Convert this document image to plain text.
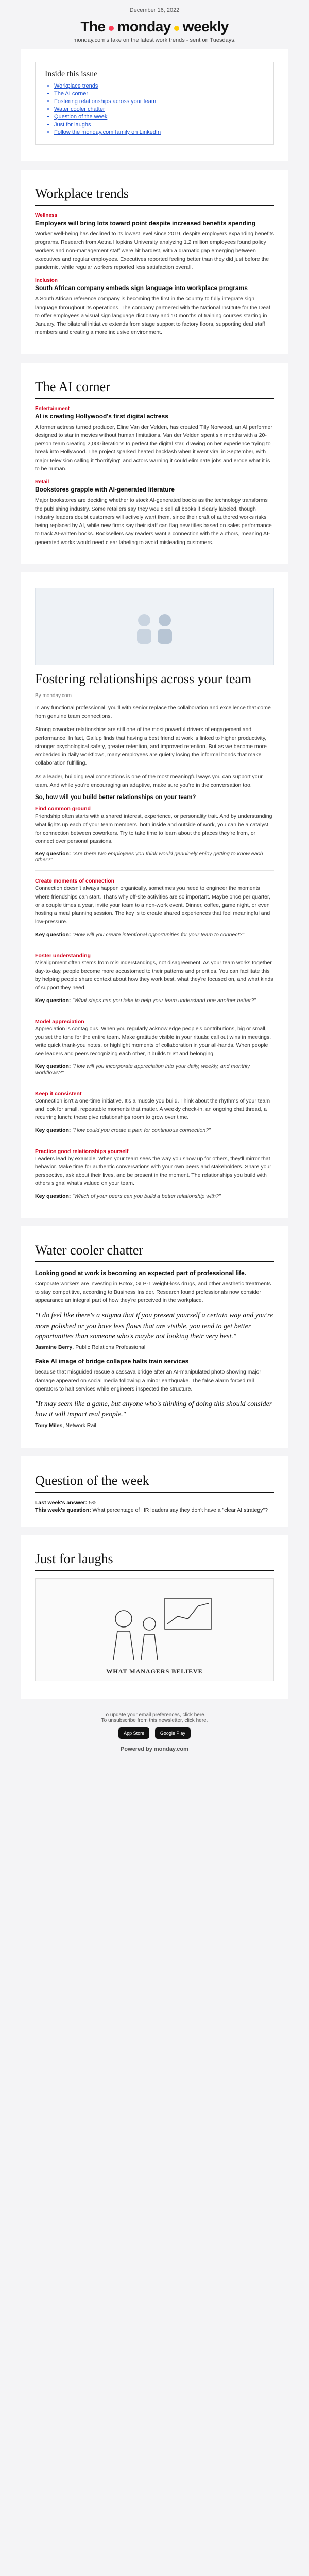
December 16, 2022
The monday weekly
monday.com's take on the latest work trends - sent on Tuesdays.
Inside this issue
• Workplace trends
• The AI corner
• Fostering relationships across your team
• Water cooler chatter
• Question of the week
• Just for laughs
• Follow the monday.com family on LinkedIn
Workplace trends
Wellness
Employers will bring lots toward point despite increased benefits spending

Worker well-being has declined to its lowest level since 2019, despite employers expanding benefits programs. Research from Aetna Hopkins University analyzing 1.2 million employees found policy workers and non-management staff were hit hardest, with a dramatic gap emerging between executives and regular employees. Executives reported feeling better than they did just before the pandemic, while regular workers reported less satisfaction overall.

Inclusion
South African company embeds sign language into workplace programs

A South African reference company is becoming the first in the country to fully integrate sign language throughout its operations. The company partnered with the National Institute for the Deaf to offer employees a visual sign language dictionary and 10 months of training courses starting in January. The bilateral initiative extends from stage support to factory floors, supporting deaf staff members and creating a more inclusive environment.

The AI corner
Entertainment
AI is creating Hollywood's first digital actress

A former actress turned producer, Eline Van der Velden, has created Tilly Norwood, an AI performer designed to star in movies without human limitations. Van der Velden spent six months with a 20-person team creating 2,000 iterations to perfect the digital star, drawing on her experience trying to break into Hollywood. The project sparked heated backlash when it went viral in September, with major television calling it "horrifying" and actors warning it could eliminate jobs and erode what it is to be human.

Retail
Bookstores grapple with AI-generated literature

Major bookstores are deciding whether to stock AI-generated books as the technology transforms the publishing industry. Some retailers say they would sell all books if clearly labeled, though industry leaders doubt customers will actively want them, since their craft of authored works risks being replaced by AI, while new firms say their staff can flag new titles based on sales performance to track AI-written books. Booksellers say readers want a connection with the authors, meaning AI-generated works would need clear labeling to avoid misleading customers.

Fostering relationships across your team
By monday.com

In any functional professional, you'll with senior replace the collaboration and excellence that come from genuine team connections.

Strong coworker relationships are still one of the most powerful drivers of engagement and performance. In fact, Gallup finds that having a best friend at work is linked to higher productivity, stronger psychological safety, greater retention, and improved retention. But as we become more embedded in daily workflows, many employees are quietly losing the informal bonds that make collaboration fulfilling.

As a leader, building real connections is one of the most meaningful ways you can support your team. And while you're encouraging an adaptive, make sure you're in the conversation too.

So, how will you build better relationships on your team?
Find common ground

Friendship often starts with a shared interest, experience, or personality trait. And by understanding what lights up each of your team members, both inside and outside of work, you can be a catalyst for connection between coworkers. Try to take time to learn about the places they're from, or connect over personal passions.

Key question: "Are there two employees you think would genuinely enjoy getting to know each other?"
Create moments of connection

Connection doesn't always happen organically, sometimes you need to engineer the moments where friendships can start. That's why off-site activities are so important. Maybe once per quarter, or a couple times a year, invite your team to a non-work event. Dinner, coffee, game night, or even hosting a meal planning session. The key is to create shared experiences that feel meaningful and low-pressure.

Key question: "How will you create intentional opportunities for your team to connect?"
Foster understanding

Misalignment often stems from misunderstandings, not disagreement. As your team works together day-to-day, people become more accustomed to their patterns and priorities. You can facilitate this by helping people share context about how they work best, what they're focused on, and what kinds of support they need.

Key question: "What steps can you take to help your team understand one another better?"
Model appreciation

Appreciation is contagious. When you regularly acknowledge people's contributions, big or small, you set the tone for the entire team. Make gratitude visible in your rituals: call out wins in meetings, write quick thank-you notes, or highlight moments of collaboration in your all-hands. When people see leaders and peers recognizing each other, it builds trust and belonging.

Key question: "How will you incorporate appreciation into your daily, weekly, and monthly workflows?"
Keep it consistent

Connection isn't a one-time initiative. It's a muscle you build. Think about the rhythms of your team and look for small, repeatable moments that matter. A weekly check-in, an ongoing chat thread, a recurring lunch: these give relationships room to grow over time.

Key question: "How could you create a plan for continuous connection?"
Practice good relationships yourself

Leaders lead by example. When your team sees the way you show up for others, they'll mirror that behavior. Make time for authentic conversations with your own peers and stakeholders. Share your perspective, ask about their lives, and be present in the moment. The relationships you build with others signal what's valued on your team.

Key question: "Which of your peers can you build a better relationship with?"
Water cooler chatter
Looking good at work is becoming an expected part of professional life.

Corporate workers are investing in Botox, GLP-1 weight-loss drugs, and other aesthetic treatments to stay competitive, according to Business Insider. Research found professionals now consider appearance an integral part of how they're perceived in the workplace.

"I do feel like there's a stigma that if you present yourself a certain way and you're more polished or you have less flaws that are visible, you tend to get better opportunities than someone who's maybe not looking their very best."
Jasmine Berry, Public Relations Professional
Fake AI image of bridge collapse halts train services

because that misguided rescue a cassava bridge after an AI-manipulated photo showing major damage appeared on social media following a minor earthquake. The false alarm forced rail operators to halt services while engineers inspected the structure.

"It may seem like a game, but anyone who's thinking of doing this should consider how it will impact real people."
Tony Miles, Network Rail
Question of the week
Last week's answer: 5%
This week's question: What percentage of HR leaders say they don't have a "clear AI strategy"?
Just for laughs
WHAT MANAGERS BELIEVE
To update your email preferences, click here.
To unsubscribe from this newsletter, click here.
App Store	Google Play
Powered by monday.com
